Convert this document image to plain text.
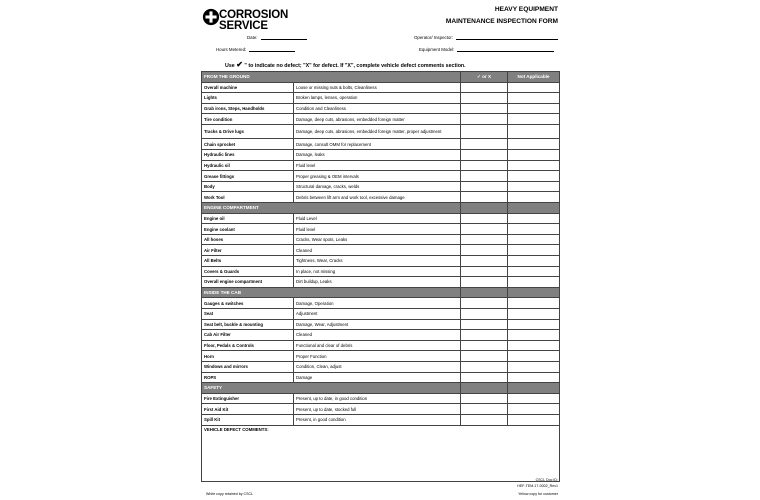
CORROSION
SERVICE
HEAVY EQUIPMENT
MAINTENANCE INSPECTION FORM
Date:	Operator/ Inspector:
Hours Metered:	Equipment Model:
Use ✔ " to indicate no defect; "X" for defect. If "X", complete vehicle defect comments section.
FROM THE GROUND		✓ or X	Not Applicable
Overall machine	Loose or missing nuts & bolts, Cleanliness		
Lights	Broken lamps, lenses, operation		
Grab irons, Steps, Handholds	Condition and Cleanliness		
Tire condition	Damage, deep cuts, abrasions, embedded foreign matter		
Tracks & Drive lugs	Damage, deep cuts, abrasions, embedded foreign matter, proper adjustment		
Chain sprocket	Damage, consult OMM for replacement		
Hydraulic lines	Damage, leaks		
Hydraulic oil	Fluid level		
Grease fittings	Proper greasing & OEM intervals		
Body	Structural damage, cracks, welds		
Work Tool	Debris between lift arm and work tool, excessive damage		
ENGINE COMPARTMENT			
Engine oil	Fluid Level		
Engine coolant	Fluid level		
All hoses	Cracks, Wear spots, Leaks		
Air Filter	Cleaned		
All Belts	Tightness, Wear, Cracks		
Covers & Guards	In place, not missing		
Overall engine compartment	Dirt buildup, Leaks		
INSIDE THE CAB			
Gauges & switches	Damage, Operation		
Seat	Adjustment		
Seat belt, buckle & mounting	Damage, Wear, Adjustment		
Cab Air Filter	Cleaned		
Floor, Pedals & Controls	Functional and clear of debris		
Horn	Proper Function		
Windows and mirrors	Condition, Clean, adjust		
ROPS	Damage		
SAFETY			
Fire Extinguisher	Present, up to date, in good condition		
First Aid Kit	Present, up to date, stocked full		
Spill Kit	Present, in good condition		
VEHICLE DEFECT COMMENTS:			
CSCL Doc ID:
HEF-TEM-17-0002_Rev1
White copy retained by CSCL	Yellow copy for customer
